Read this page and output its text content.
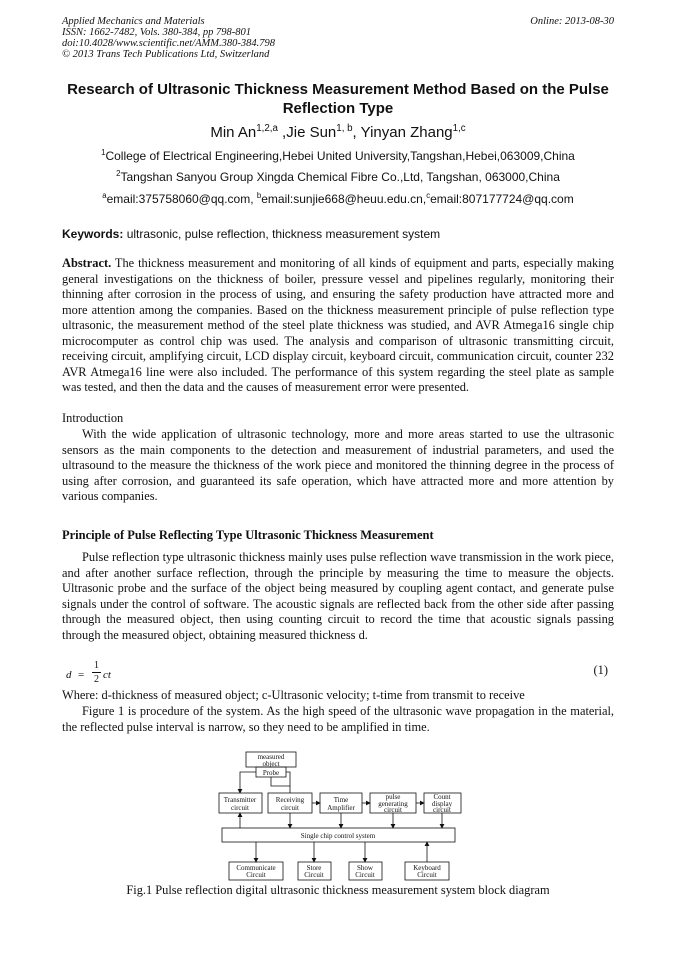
Applied Mechanics and Materials
ISSN: 1662-7482, Vols. 380-384, pp 798-801
doi:10.4028/www.scientific.net/AMM.380-384.798
© 2013 Trans Tech Publications Ltd, Switzerland
Online: 2013-08-30
Research of Ultrasonic Thickness Measurement Method Based on the Pulse Reflection Type
Min An$^{1,2,a}$ ,Jie Sun$^{1, b}$, Yinyan Zhang$^{1,c}$
$^1$College of Electrical Engineering,Hebei United University,Tangshan,Hebei,063009,China
$^2$Tangshan Sanyou Group Xingda Chemical Fibre Co.,Ltd, Tangshan, 063000,China
$^a$email:375758060@qq.com, $^b$email:sunjie668@heuu.edu.cn,$^c$email:807177724@qq.com
Keywords: ultrasonic, pulse reflection, thickness measurement system
Abstract. The thickness measurement and monitoring of all kinds of equipment and parts, especially making general investigations on the thickness of boiler, pressure vessel and pipelines regularly, monitoring their thinning after corrosion in the process of using, and ensuring the safety production have attracted more and more attention among the companies. Based on the thickness measurement principle of pulse reflection type ultrasonic, the measurement method of the steel plate thickness was studied, and AVR Atmega16 single chip microcomputer as control chip was used. The analysis and comparison of ultrasonic transmitting circuit, receiving circuit, amplifying circuit, LCD display circuit, keyboard circuit, communication circuit, counter 232 AVR Atmega16 line were also included. The performance of this system regarding the steel plate as sample was tested, and then the data and the causes of measurement error were presented.
Introduction
With the wide application of ultrasonic technology, more and more areas started to use the ultrasonic sensors as the main components to the detection and measurement of industrial parameters, and used the ultrasound to the measure the thickness of the work piece and monitored the thinning degree in the process of using after corrosion, and guaranteed its safe operation, which have attracted more and more attention by various companies.
Principle of Pulse Reflecting Type Ultrasonic Thickness Measurement
Pulse reflection type ultrasonic thickness mainly uses pulse reflection wave transmission in the work piece, and after another surface reflection, through the principle by measuring the time to measure the objects. Ultrasonic probe and the surface of the object being measured by coupling agent contact, and generate pulse signals under the control of software. The acoustic signals are reflected back from the other side after passing through the measured object, then using counting circuit to record the time that acoustic signals passing through the measured object, obtaining measured thickness d.
d =
1
2 ct	(1)
Where: d-thickness of measured object; c-Ultrasonic velocity; t-time from transmit to receive
Figure 1 is procedure of the system. As the high speed of the ultrasonic wave propagation in the material, the reflected pulse interval is narrow, so they need to be amplified in time.
measured
object
Probe
Transmitter
circuit
Receiving
circuit
Time
Amplifier
pulse
generating
circuit
Count
display
circuit
Single chip control system
Communicate
Circuit
Store
Circuit
Show
Circuit
Keyboard
Circuit
Fig.1 Pulse reflection digital ultrasonic thickness measurement system block diagram
